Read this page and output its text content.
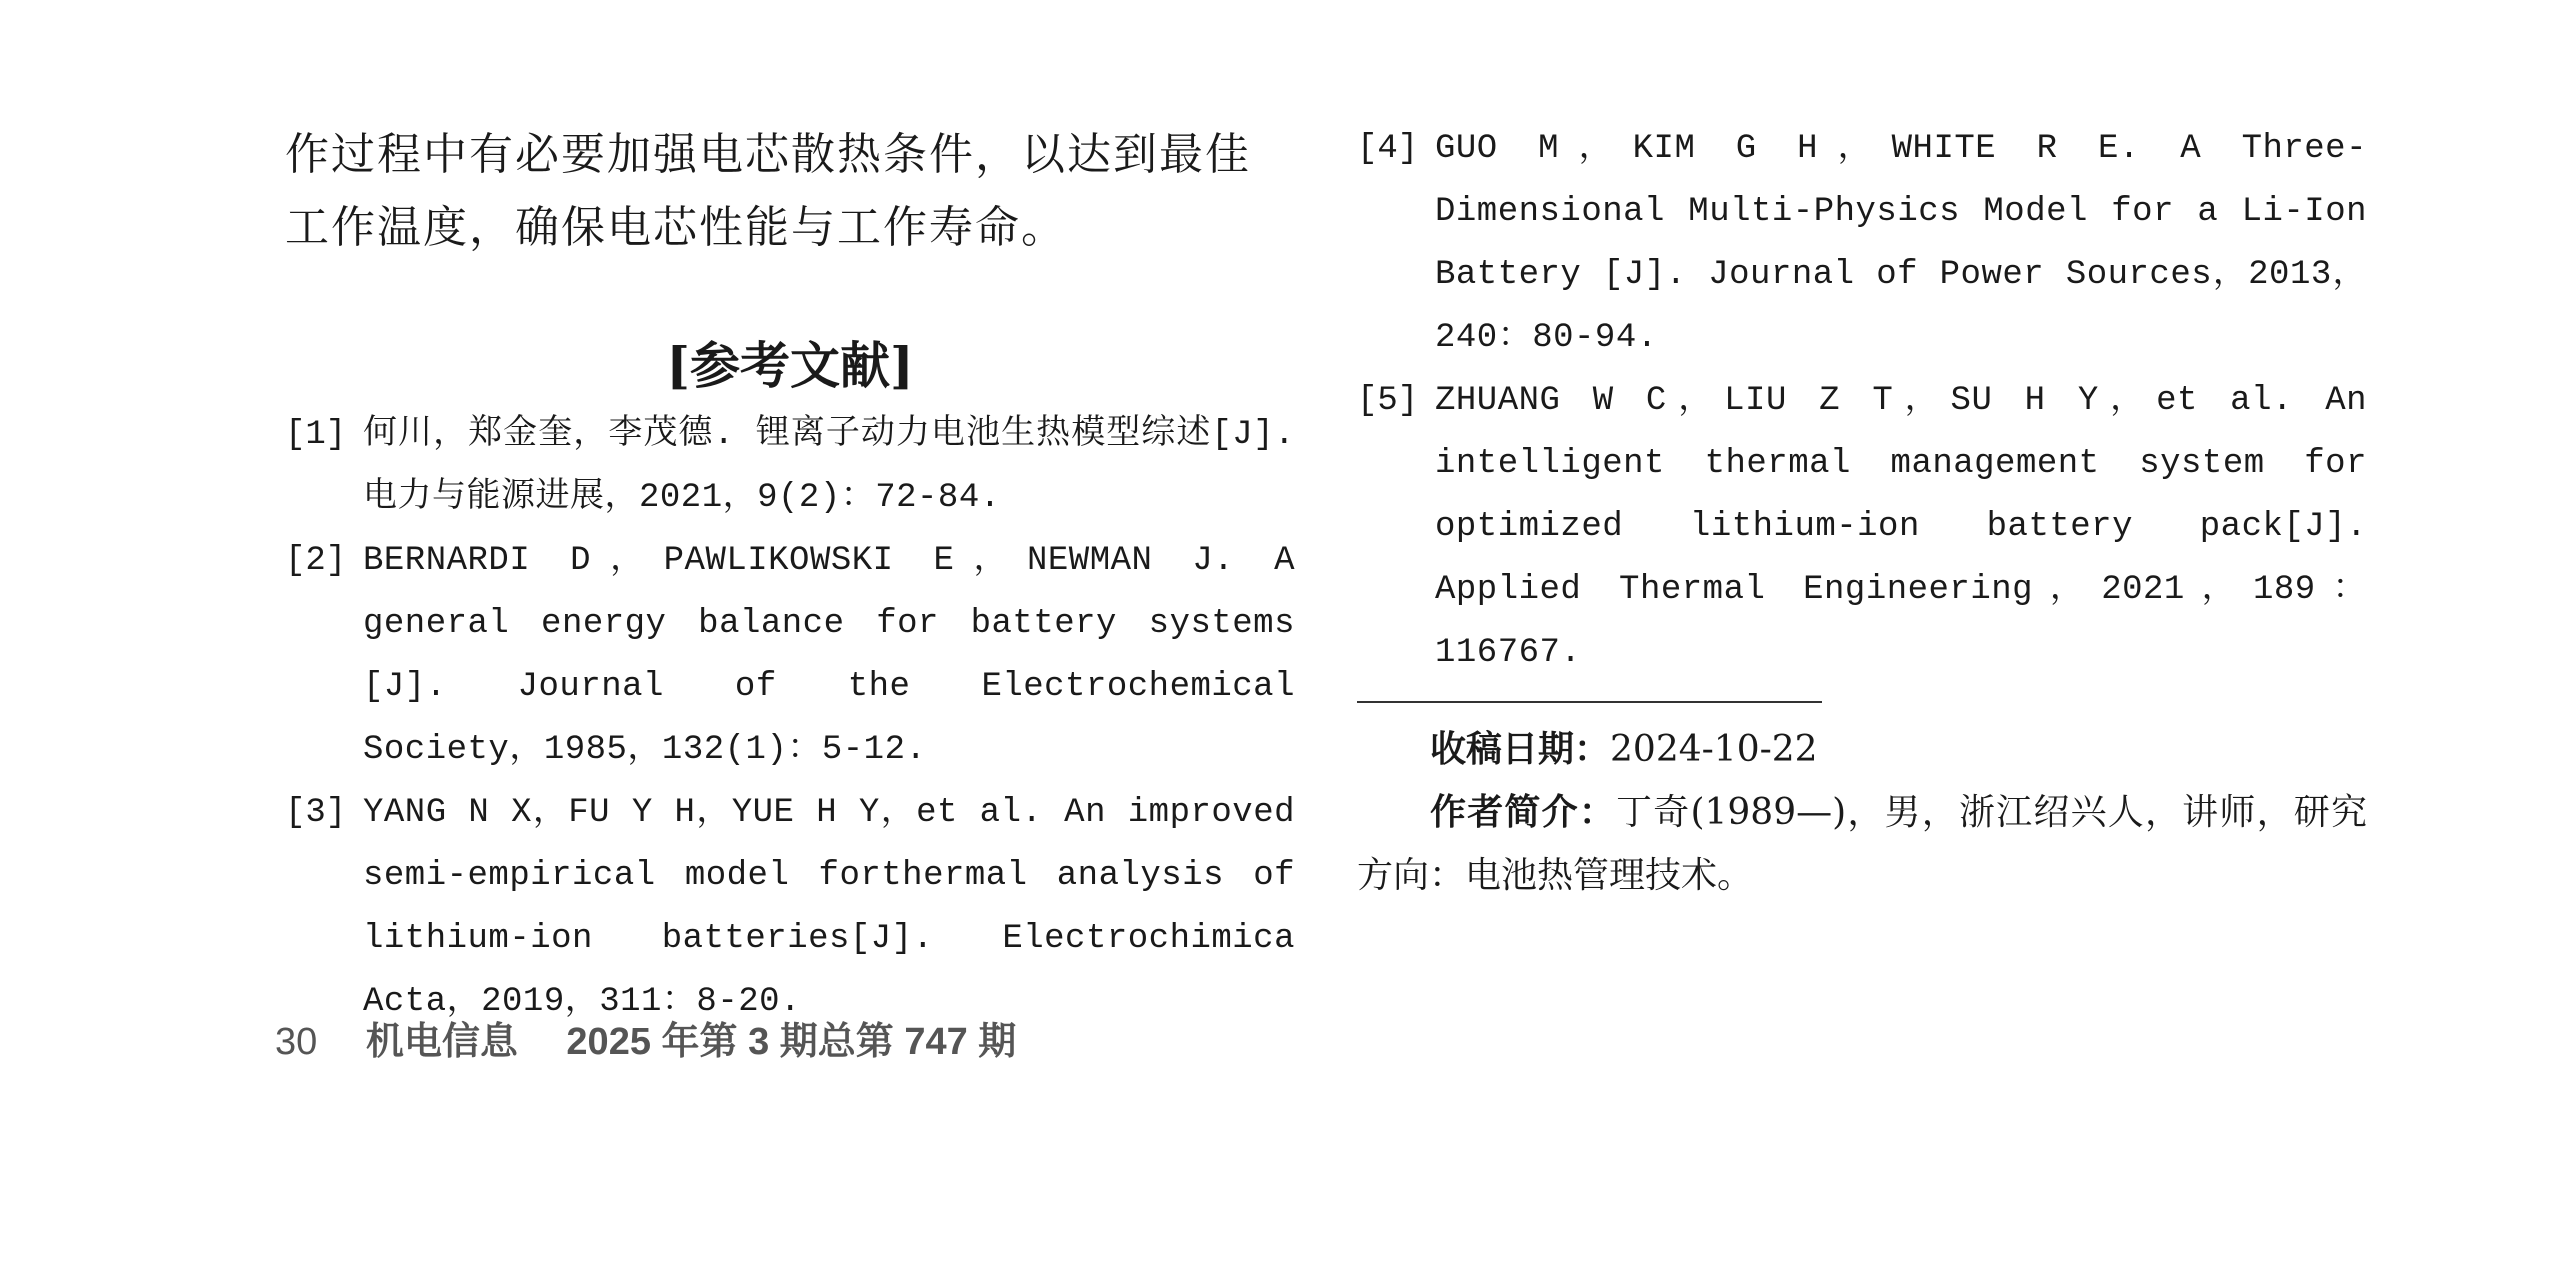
作过程中有必要加强电芯散热条件，以达到最佳工作温度，确保电芯性能与工作寿命。

[参考文献]
[1] 何川，郑金奎，李茂德. 锂离子动力电池生热模型综述[J]. 电力与能源进展，2021，9(2)：72-84.
[2] BERNARDI D，PAWLIKOWSKI E，NEWMAN J. A general energy balance for battery systems [J]. Journal of the Electrochemical Society，1985，132(1)：5-12.
[3] YANG N X，FU Y H，YUE H Y，et al. An improved semi-empirical model forthermal analysis of lithium-ion batteries[J]. Electrochimica Acta，2019，311：8-20.
[4] GUO M，KIM G H，WHITE R E. A Three-Dimensional Multi-Physics Model for a Li-Ion Battery [J]. Journal of Power Sources，2013，240：80-94.
[5] ZHUANG W C，LIU Z T，SU H Y，et al. An intelligent thermal management system for optimized lithium-ion battery pack[J]. Applied Thermal Engineering，2021，189：116767.

收稿日期：2024-10-22

作者简介：丁奇(1989—)，男，浙江绍兴人，讲师，研究方向：电池热管理技术。

30 机电信息 2025 年第 3 期总第 747 期
